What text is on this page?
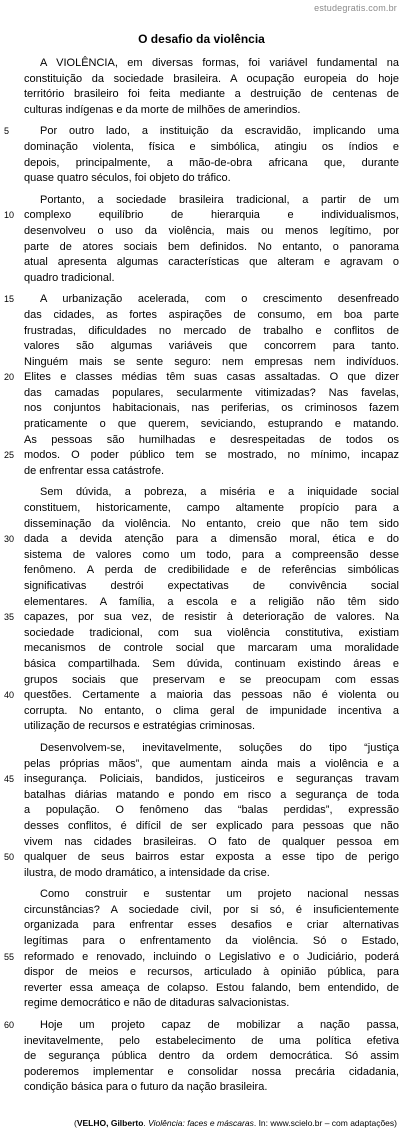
estudegratis.com.br
O desafio da violência
A VIOLÊNCIA, em diversas formas, foi variável fundamental na
constituição da sociedade brasileira. A ocupação europeia do hoje
território brasileiro foi feita mediante a destruição de centenas de
culturas indígenas e da morte de milhões de amerindios.
5	Por outro lado, a instituição da escravidão, implicando uma
dominação violenta, física e simbólica, atingiu os índios e
depois, principalmente, a mão-de-obra africana que, durante
quase quatro séculos, foi objeto do tráfico.
Portanto, a sociedade brasileira tradicional, a partir de um
10 complexo equilíbrio de hierarquia e individualismos,
desenvolveu o uso da violência, mais ou menos legítimo, por
parte de atores sociais bem definidos. No entanto, o panorama
atual apresenta algumas características que alteram e agravam o
quadro tradicional.
15	A urbanização acelerada, com o crescimento desenfreado
das cidades, as fortes aspirações de consumo, em boa parte
frustradas, dificuldades no mercado de trabalho e conflitos de
valores são algumas variáveis que concorrem para tanto.
Ninguém mais se sente seguro: nem empresas nem indivíduos.
20 Elites e classes médias têm suas casas assaltadas. O que dizer
das camadas populares, secularmente vitimizadas? Nas favelas,
nos conjuntos habitacionais, nas periferias, os criminosos fazem
praticamente o que querem, seviciando, estuprando e matando.
As pessoas são humilhadas e desrespeitadas de todos os
25 modos. O poder público tem se mostrado, no mínimo, incapaz
de enfrentar essa catástrofe.
Sem dúvida, a pobreza, a miséria e a iniquidade social
constituem, historicamente, campo altamente propício para a
disseminação da violência. No entanto, creio que não tem sido
30 dada a devida atenção para a dimensão moral, ética e do
sistema de valores como um todo, para a compreensão desse
fenômeno. A perda de credibilidade e de referências simbólicas
significativas destrói expectativas de convivência social
elementares. A família, a escola e a religião não têm sido
35 capazes, por sua vez, de resistir à deterioração de valores. Na
sociedade tradicional, com sua violência constitutiva, existiam
mecanismos de controle social que marcaram uma moralidade
básica compartilhada. Sem dúvida, continuam existindo áreas e
grupos sociais que preservam e se preocupam com essas
40 questões. Certamente a maioria das pessoas não é violenta ou
corrupta. No entanto, o clima geral de impunidade incentiva a
utilização de recursos e estratégias criminosas.
Desenvolvem-se, inevitavelmente, soluções do tipo “justiça
pelas próprias mãos”, que aumentam ainda mais a violência e a
45 insegurança. Policiais, bandidos, justiceiros e seguranças travam
batalhas diárias matando e pondo em risco a segurança de toda
a população. O fenômeno das “balas perdidas”, expressão
desses conflitos, é difícil de ser explicado para pessoas que não
vivem nas cidades brasileiras. O fato de qualquer pessoa em
50 qualquer de seus bairros estar exposta a esse tipo de perigo
ilustra, de modo dramático, a intensidade da crise.
Como construir e sustentar um projeto nacional nessas
circunstâncias? A sociedade civil, por si só, é insuficientemente
organizada para enfrentar esses desafios e criar alternativas
legítimas para o enfrentamento da violência. Só o Estado,
55 reformado e renovado, incluindo o Legislativo e o Judiciário, poderá
dispor de meios e recursos, articulado à opinião pública, para
reverter essa ameaça de colapso. Estou falando, bem entendido, de
regime democrático e não de ditaduras salvacionistas.
60	Hoje um projeto capaz de mobilizar a nação passa,
inevitavelmente, pelo estabelecimento de uma política efetiva
de segurança pública dentro da ordem democrática. Só assim
poderemos implementar e consolidar nossa precária cidadania,
condição básica para o futuro da nação brasileira.
(VELHO, Gilberto. Violência: faces e máscaras. In: www.scielo.br – com adaptações)
